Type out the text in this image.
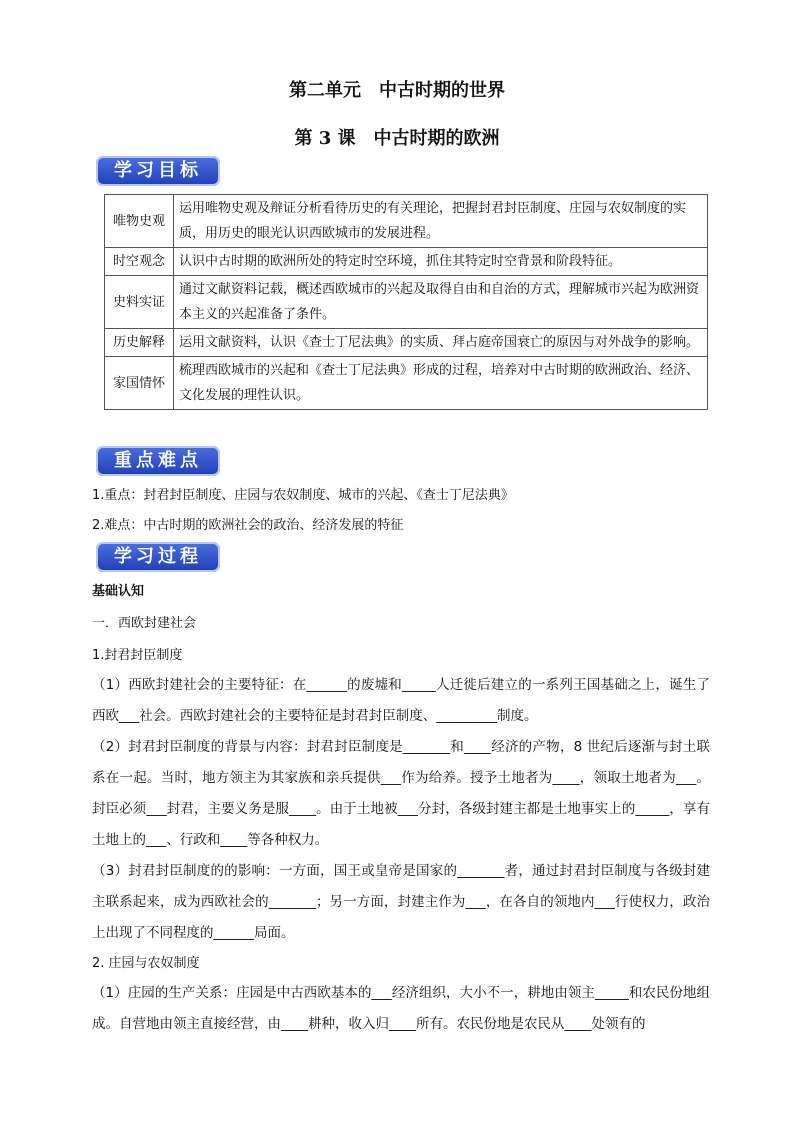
第二单元　中古时期的世界
第 3 课　中古时期的欧洲
学习目标
唯物史观	运用唯物史观及辩证分析看待历史的有关理论，把握封君封臣制度、庄园与农奴制度的实质，用历史的眼光认识西欧城市的发展进程。
时空观念	认识中古时期的欧洲所处的特定时空环境，抓住其特定时空背景和阶段特征。
史料实证	通过文献资料记载，概述西欧城市的兴起及取得自由和自治的方式，理解城市兴起为欧洲资本主义的兴起准备了条件。
历史解释	运用文献资料，认识《查士丁尼法典》的实质、拜占庭帝国衰亡的原因与对外战争的影响。
家国情怀	梳理西欧城市的兴起和《查士丁尼法典》形成的过程，培养对中古时期的欧洲政治、经济、文化发展的理性认识。
重点难点
1.重点：封君封臣制度、庄园与农奴制度、城市的兴起、《查士丁尼法典》
2.难点：中古时期的欧洲社会的政治、经济发展的特征
学习过程
基础认知
一．西欧封建社会
1.封君封臣制度
（1）西欧封建社会的主要特征：在______的废墟和_____人迁徙后建立的一系列王国基础之上，诞生了西欧___社会。西欧封建社会的主要特征是封君封臣制度、_________制度。
（2）封君封臣制度的背景与内容：封君封臣制度是_______和____经济的产物，8 世纪后逐渐与封土联系在一起。当时，地方领主为其家族和亲兵提供___作为给养。授予土地者为____，领取土地者为___。封臣必须___封君，主要义务是服____。由于土地被___分封，各级封建主都是土地事实上的_____，享有土地上的___、行政和____等各种权力。
（3）封君封臣制度的的影响：一方面，国王或皇帝是国家的_______者，通过封君封臣制度与各级封建主联系起来，成为西欧社会的_______；另一方面，封建主作为___，在各自的领地内___行使权力，政治上出现了不同程度的______局面。
2. 庄园与农奴制度
（1）庄园的生产关系：庄园是中古西欧基本的___经济组织，大小不一，耕地由领主_____和农民份地组成。自营地由领主直接经营，由____耕种，收入归____所有。农民份地是农民从____处领有的
